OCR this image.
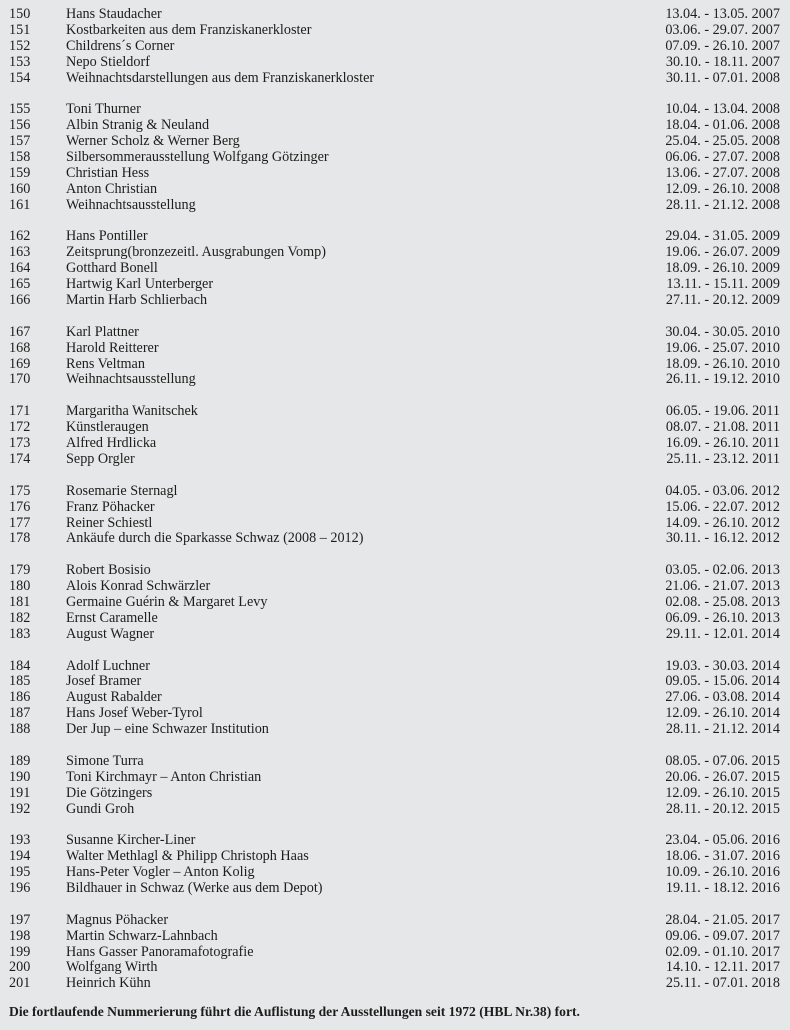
150	Hans Staudacher	13.04. - 13.05. 2007
151	Kostbarkeiten aus dem Franziskanerkloster	03.06. - 29.07. 2007
152	Childrens´s Corner	07.09. - 26.10. 2007
153	Nepo Stieldorf	30.10. - 18.11. 2007
154	Weihnachtsdarstellungen aus dem Franziskanerkloster	30.11. - 07.01. 2008
155	Toni Thurner	10.04. - 13.04. 2008
156	Albin Stranig & Neuland	18.04. - 01.06. 2008
157	Werner Scholz & Werner Berg	25.04. - 25.05. 2008
158	Silbersommerausstellung Wolfgang Götzinger	06.06. - 27.07. 2008
159	Christian Hess	13.06. - 27.07. 2008
160	Anton Christian	12.09. - 26.10. 2008
161	Weihnachtsausstellung	28.11. - 21.12. 2008
162	Hans Pontiller	29.04. - 31.05. 2009
163	Zeitsprung(bronzezeitl. Ausgrabungen Vomp)	19.06. - 26.07. 2009
164	Gotthard Bonell	18.09. - 26.10. 2009
165	Hartwig Karl Unterberger	13.11. - 15.11. 2009
166	Martin Harb Schlierbach	27.11. - 20.12. 2009
167	Karl Plattner	30.04. - 30.05. 2010
168	Harold Reitterer	19.06. - 25.07. 2010
169	Rens Veltman	18.09. - 26.10. 2010
170	Weihnachtsausstellung	26.11. - 19.12. 2010
171	Margaritha Wanitschek	06.05. - 19.06. 2011
172	Künstleraugen	08.07. - 21.08. 2011
173	Alfred Hrdlicka	16.09. - 26.10. 2011
174	Sepp Orgler	25.11. - 23.12. 2011
175	Rosemarie Sternagl	04.05. - 03.06. 2012
176	Franz Pöhacker	15.06. - 22.07. 2012
177	Reiner Schiestl	14.09. - 26.10. 2012
178	Ankäufe durch die Sparkasse Schwaz (2008 – 2012)	30.11. - 16.12. 2012
179	Robert Bosisio	03.05. - 02.06. 2013
180	Alois Konrad Schwärzler	21.06. - 21.07. 2013
181	Germaine Guérin & Margaret Levy	02.08. - 25.08. 2013
182	Ernst Caramelle	06.09. - 26.10. 2013
183	August Wagner	29.11. - 12.01. 2014
184	Adolf Luchner	19.03. - 30.03. 2014
185	Josef Bramer	09.05. - 15.06. 2014
186	August Rabalder	27.06. - 03.08. 2014
187	Hans Josef Weber-Tyrol	12.09. - 26.10. 2014
188	Der Jup – eine Schwazer Institution	28.11. - 21.12. 2014
189	Simone Turra	08.05. - 07.06. 2015
190	Toni Kirchmayr – Anton Christian	20.06. - 26.07. 2015
191	Die Götzingers	12.09. - 26.10. 2015
192	Gundi Groh	28.11. - 20.12. 2015
193	Susanne Kircher-Liner	23.04. - 05.06. 2016
194	Walter Methlagl & Philipp Christoph Haas	18.06. - 31.07. 2016
195	Hans-Peter Vogler – Anton Kolig	10.09. - 26.10. 2016
196	Bildhauer in Schwaz (Werke aus dem Depot)	19.11. - 18.12. 2016
197	Magnus Pöhacker	28.04. - 21.05. 2017
198	Martin Schwarz-Lahnbach	09.06. - 09.07. 2017
199	Hans Gasser Panoramafotografie	02.09. - 01.10. 2017
200	Wolfgang Wirth	14.10. - 12.11. 2017
201	Heinrich Kühn	25.11. - 07.01. 2018
Die fortlaufende Nummerierung führt die Auflistung der Ausstellungen seit 1972 (HBL Nr.38) fort.
